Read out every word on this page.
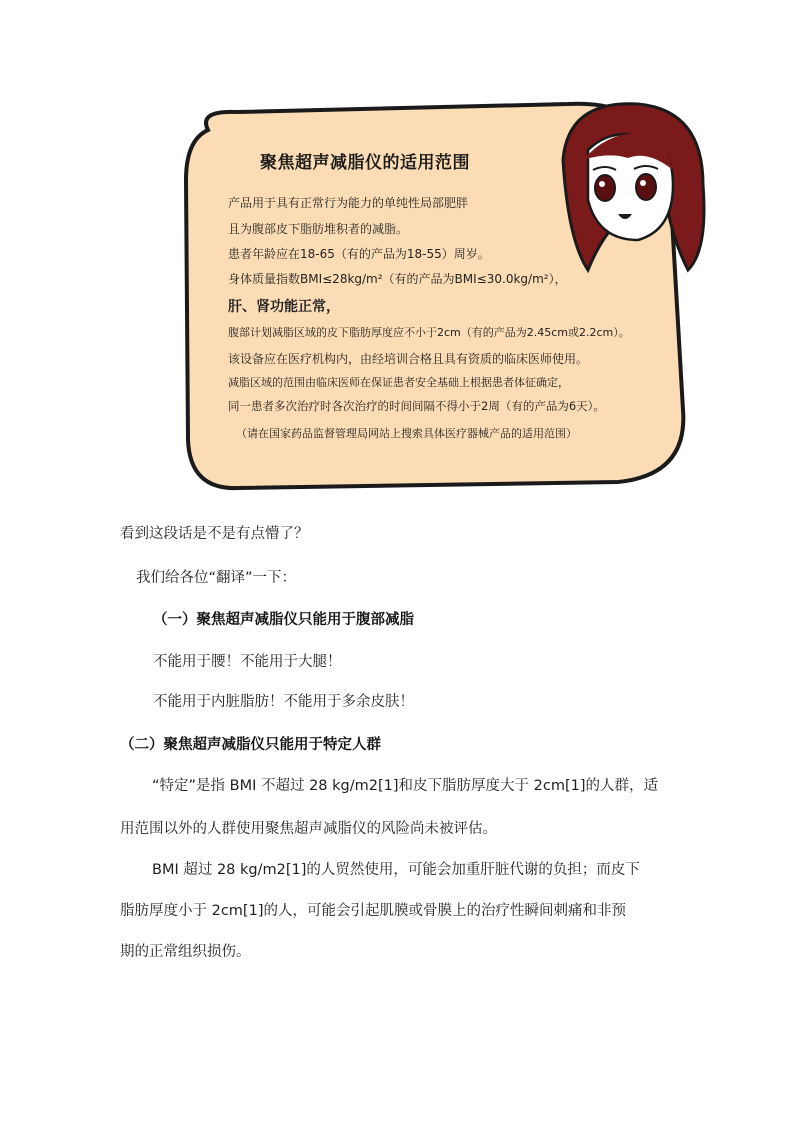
聚焦超声减脂仪的适用范围
产品用于具有正常行为能力的单纯性局部肥胖
且为腹部皮下脂肪堆积者的减脂。
患者年龄应在18-65（有的产品为18-55）周岁。
身体质量指数BMI≤28kg/m²（有的产品为BMI≤30.0kg/m²），
肝、肾功能正常，
腹部计划减脂区域的皮下脂肪厚度应不小于2cm（有的产品为2.45cm或2.2cm）。
该设备应在医疗机构内，由经培训合格且具有资质的临床医师使用。
减脂区域的范围由临床医师在保证患者安全基础上根据患者体征确定，
同一患者多次治疗时各次治疗的时间间隔不得小于2周（有的产品为6天）。
（请在国家药品监督管理局网站上搜索具体医疗器械产品的适用范围）
看到这段话是不是有点懵了？
我们给各位“翻译”一下：
（一）聚焦超声减脂仪只能用于腹部减脂
不能用于腰！不能用于大腿！
不能用于内脏脂肪！不能用于多余皮肤！
（二）聚焦超声减脂仪只能用于特定人群
“特定”是指 BMI 不超过 28 kg/m2[1]和皮下脂肪厚度大于 2cm[1]的人群，适
用范围以外的人群使用聚焦超声减脂仪的风险尚未被评估。
BMI 超过 28 kg/m2[1]的人贸然使用，可能会加重肝脏代谢的负担；而皮下
脂肪厚度小于 2cm[1]的人，可能会引起肌膜或骨膜上的治疗性瞬间刺痛和非预
期的正常组织损伤。
